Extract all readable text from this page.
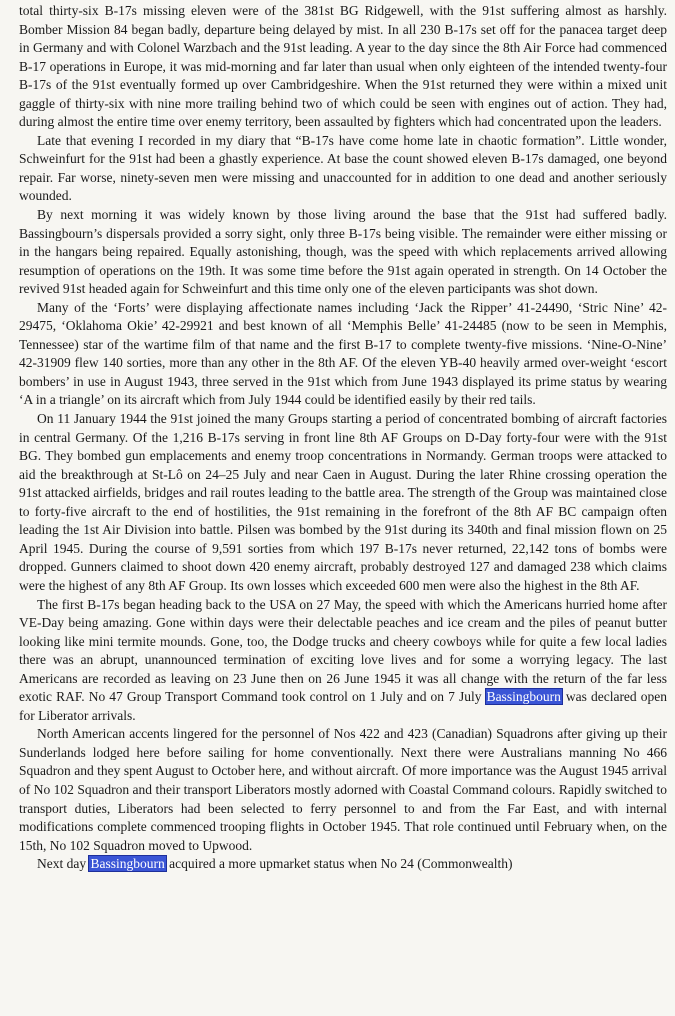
total thirty-six B-17s missing eleven were of the 381st BG Ridgewell, with the 91st suffering almost as harshly. Bomber Mission 84 began badly, departure being delayed by mist. In all 230 B-17s set off for the panacea target deep in Germany and with Colonel Warzbach and the 91st leading. A year to the day since the 8th Air Force had commenced B-17 operations in Europe, it was mid-morning and far later than usual when only eighteen of the intended twenty-four B-17s of the 91st eventually formed up over Cambridgeshire. When the 91st returned they were within a mixed unit gaggle of thirty-six with nine more trailing behind two of which could be seen with engines out of action. They had, during almost the entire time over enemy territory, been assaulted by fighters which had concentrated upon the leaders.

Late that evening I recorded in my diary that “B-17s have come home late in chaotic formation”. Little wonder, Schweinfurt for the 91st had been a ghastly experience. At base the count showed eleven B-17s damaged, one beyond repair. Far worse, ninety-seven men were missing and unaccounted for in addition to one dead and another seriously wounded.

By next morning it was widely known by those living around the base that the 91st had suffered badly. Bassingbourn’s dispersals provided a sorry sight, only three B-17s being visible. The remainder were either missing or in the hangars being repaired. Equally astonishing, though, was the speed with which replacements arrived allowing resumption of operations on the 19th. It was some time before the 91st again operated in strength. On 14 October the revived 91st headed again for Schweinfurt and this time only one of the eleven participants was shot down.

Many of the ‘Forts’ were displaying affectionate names including ‘Jack the Ripper’ 41-24490, ‘Stric Nine’ 42-29475, ‘Oklahoma Okie’ 42-29921 and best known of all ‘Memphis Belle’ 41-24485 (now to be seen in Memphis, Tennessee) star of the wartime film of that name and the first B-17 to complete twenty-five missions. ‘Nine-O-Nine’ 42-31909 flew 140 sorties, more than any other in the 8th AF. Of the eleven YB-40 heavily armed over-weight ‘escort bombers’ in use in August 1943, three served in the 91st which from June 1943 displayed its prime status by wearing ‘A in a triangle’ on its aircraft which from July 1944 could be identified easily by their red tails.

On 11 January 1944 the 91st joined the many Groups starting a period of concentrated bombing of aircraft factories in central Germany. Of the 1,216 B-17s serving in front line 8th AF Groups on D-Day forty-four were with the 91st BG. They bombed gun emplacements and enemy troop concentrations in Normandy. German troops were attacked to aid the breakthrough at St-Lô on 24–25 July and near Caen in August. During the later Rhine crossing operation the 91st attacked airfields, bridges and rail routes leading to the battle area. The strength of the Group was maintained close to forty-five aircraft to the end of hostilities, the 91st remaining in the forefront of the 8th AF BC campaign often leading the 1st Air Division into battle. Pilsen was bombed by the 91st during its 340th and final mission flown on 25 April 1945. During the course of 9,591 sorties from which 197 B-17s never returned, 22,142 tons of bombs were dropped. Gunners claimed to shoot down 420 enemy aircraft, probably destroyed 127 and damaged 238 which claims were the highest of any 8th AF Group. Its own losses which exceeded 600 men were also the highest in the 8th AF.

The first B-17s began heading back to the USA on 27 May, the speed with which the Americans hurried home after VE-Day being amazing. Gone within days were their delectable peaches and ice cream and the piles of peanut butter looking like mini termite mounds. Gone, too, the Dodge trucks and cheery cowboys while for quite a few local ladies there was an abrupt, unannounced termination of exciting love lives and for some a worrying legacy. The last Americans are recorded as leaving on 23 June then on 26 June 1945 it was all change with the return of the far less exotic RAF. No 47 Group Transport Command took control on 1 July and on 7 July Bassingbourn was declared open for Liberator arrivals.

North American accents lingered for the personnel of Nos 422 and 423 (Canadian) Squadrons after giving up their Sunderlands lodged here before sailing for home conventionally. Next there were Australians manning No 466 Squadron and they spent August to October here, and without aircraft. Of more importance was the August 1945 arrival of No 102 Squadron and their transport Liberators mostly adorned with Coastal Command colours. Rapidly switched to transport duties, Liberators had been selected to ferry personnel to and from the Far East, and with internal modifications complete commenced trooping flights in October 1945. That role continued until February when, on the 15th, No 102 Squadron moved to Upwood.

Next day Bassingbourn acquired a more upmarket status when No 24 (Commonwealth)
